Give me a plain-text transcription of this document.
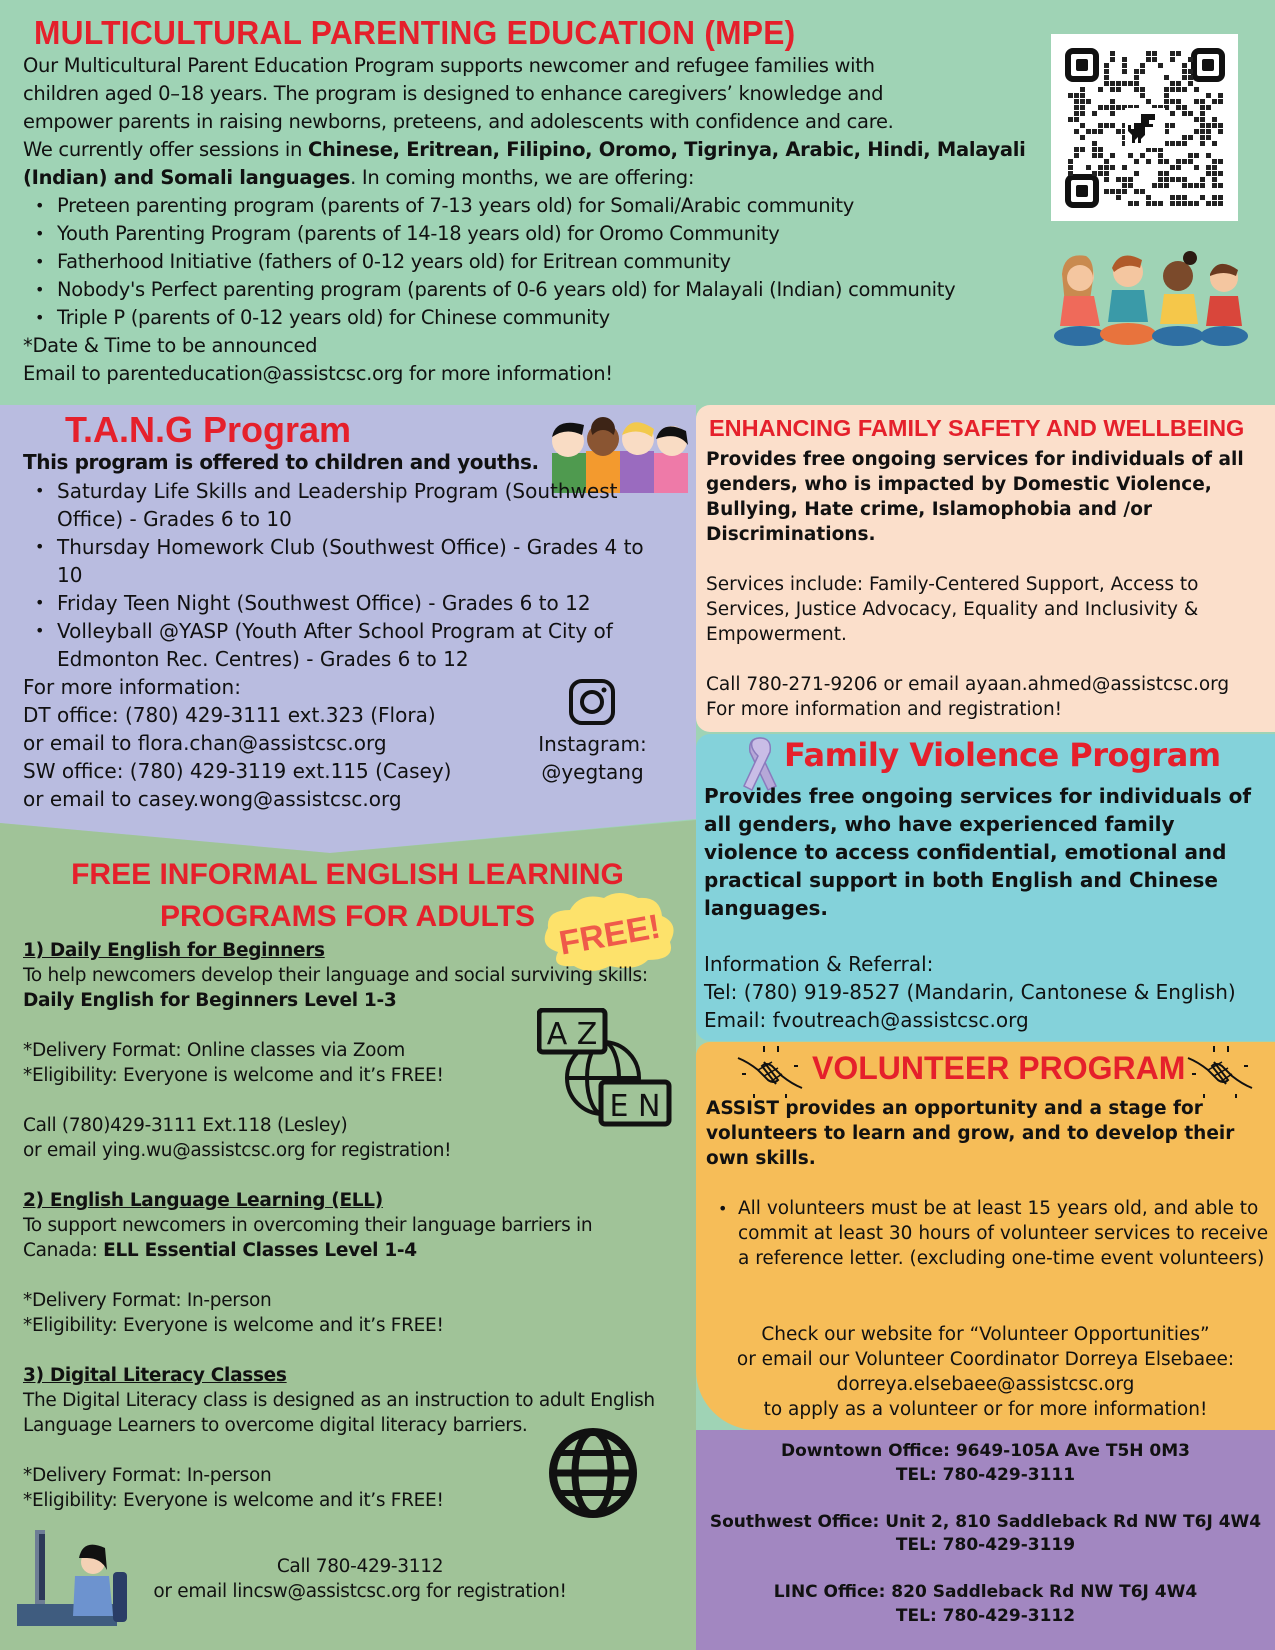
MULTICULTURAL PARENTING EDUCATION (MPE)

Our Multicultural Parent Education Program supports newcomer and refugee families with

children aged 0–18 years. The program is designed to enhance caregivers’ knowledge and

empower parents in raising newborns, preteens, and adolescents with confidence and care.

We currently offer sessions in Chinese, Eritrean, Filipino, Oromo, Tigrinya, Arabic, Hindi, Malayali

(Indian) and Somali languages. In coming months, we are offering:

• Preteen parenting program (parents of 7-13 years old) for Somali/Arabic community
• Youth Parenting Program (parents of 14-18 years old) for Oromo Community
• Fatherhood Initiative (fathers of 0-12 years old) for Eritrean community
• Nobody's Perfect parenting program (parents of 0-6 years old) for Malayali (Indian) community
• Triple P (parents of 0-12 years old) for Chinese community

*Date & Time to be announced

Email to parenteducation@assistcsc.org for more information!

T.A.N.G Program
This program is offered to children and youths.
• Saturday Life Skills and Leadership Program (Southwest Office) - Grades 6 to 10
• Thursday Homework Club (Southwest Office) - Grades 4 to 10
• Friday Teen Night (Southwest Office) - Grades 6 to 12
• Volleyball @YASP (Youth After School Program at City of Edmonton Rec. Centres) - Grades 6 to 12

For more information:

DT office: (780) 429-3111 ext.323 (Flora)

or email to flora.chan@assistcsc.org

SW office: (780) 429-3119 ext.115 (Casey)

or email to casey.wong@assistcsc.org

Instagram:

@yegtang

FREE INFORMAL ENGLISH LEARNING
PROGRAMS FOR ADULTS FREE!
A Z
E N

1) Daily English for Beginners

To help newcomers develop their language and social surviving skills:

Daily English for Beginners Level 1-3

*Delivery Format: Online classes via Zoom

*Eligibility: Everyone is welcome and it’s FREE!

Call (780)429-3111 Ext.118 (Lesley)

or email ying.wu@assistcsc.org for registration!

2) English Language Learning (ELL)

To support newcomers in overcoming their language barriers in

Canada: ELL Essential Classes Level 1-4

*Delivery Format: In-person

*Eligibility: Everyone is welcome and it’s FREE!

3) Digital Literacy Classes

The Digital Literacy class is designed as an instruction to adult English

Language Learners to overcome digital literacy barriers.

*Delivery Format: In-person

*Eligibility: Everyone is welcome and it’s FREE!

Call 780-429-3112

or email lincsw@assistcsc.org for registration!

ENHANCING FAMILY SAFETY AND WELLBEING

Provides free ongoing services for individuals of all genders, who is impacted by Domestic Violence, Bullying, Hate crime, Islamophobia and /or Discriminations.

Services include: Family-Centered Support, Access to Services, Justice Advocacy, Equality and Inclusivity & Empowerment.

Call 780-271-9206 or email ayaan.ahmed@assistcsc.org

For more information and registration!

Family Violence Program

Provides free ongoing services for individuals of all genders, who have experienced family violence to access confidential, emotional and practical support in both English and Chinese languages.

Information & Referral:

Tel: (780) 919-8527 (Mandarin, Cantonese & English)

Email: fvoutreach@assistcsc.org

VOLUNTEER PROGRAM

ASSIST provides an opportunity and a stage for volunteers to learn and grow, and to develop their own skills.

• All volunteers must be at least 15 years old, and able to commit at least 30 hours of volunteer services to receive a reference letter. (excluding one-time event volunteers)

Check our website for “Volunteer Opportunities”

or email our Volunteer Coordinator Dorreya Elsebaee:

dorreya.elsebaee@assistcsc.org

to apply as a volunteer or for more information!

Downtown Office: 9649-105A Ave T5H 0M3

TEL: 780-429-3111

Southwest Office: Unit 2, 810 Saddleback Rd NW T6J 4W4

TEL: 780-429-3119

LINC Office: 820 Saddleback Rd NW T6J 4W4

TEL: 780-429-3112
